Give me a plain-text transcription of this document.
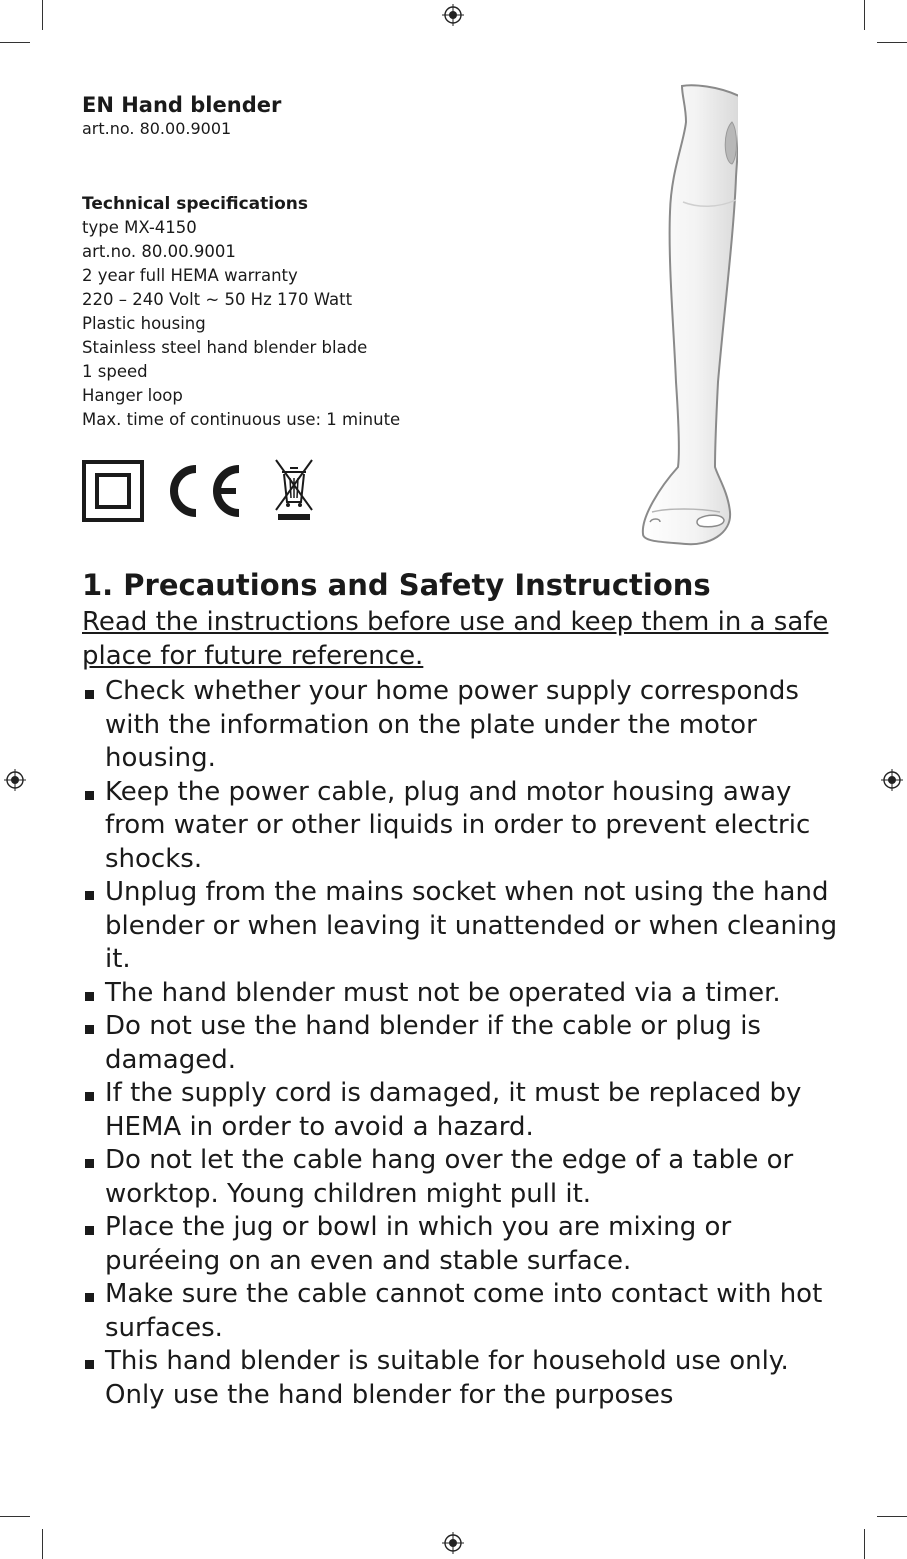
EN Hand blender

art.no. 80.00.9001

Technical specifications

type MX-4150
art.no. 80.00.9001
2 year full HEMA warranty
220 – 240 Volt ~ 50 Hz 170 Watt
Plastic housing
Stainless steel hand blender blade
1 speed
Hanger loop
Max. time of continuous use: 1 minute
1. Precautions and Safety Instructions

Read the instructions before use and keep them in a safe place for future reference.

Check whether your home power supply corresponds with the information on the plate under the motor housing.
Keep the power cable, plug and motor housing away from water or other liquids in order to prevent electric shocks.
Unplug from the mains socket when not using the hand blender or when leaving it unattended or when cleaning it.
The hand blender must not be operated via a timer.
Do not use the hand blender if the cable or plug is damaged.
If the supply cord is damaged, it must be replaced by HEMA in order to avoid a hazard.
Do not let the cable hang over the edge of a table or worktop. Young children might pull it.
Place the jug or bowl in which you are mixing or puréeing on an even and stable surface.
Make sure the cable cannot come into contact with hot surfaces.
This hand blender is suitable for household use only. Only use the hand blender for the purposes
